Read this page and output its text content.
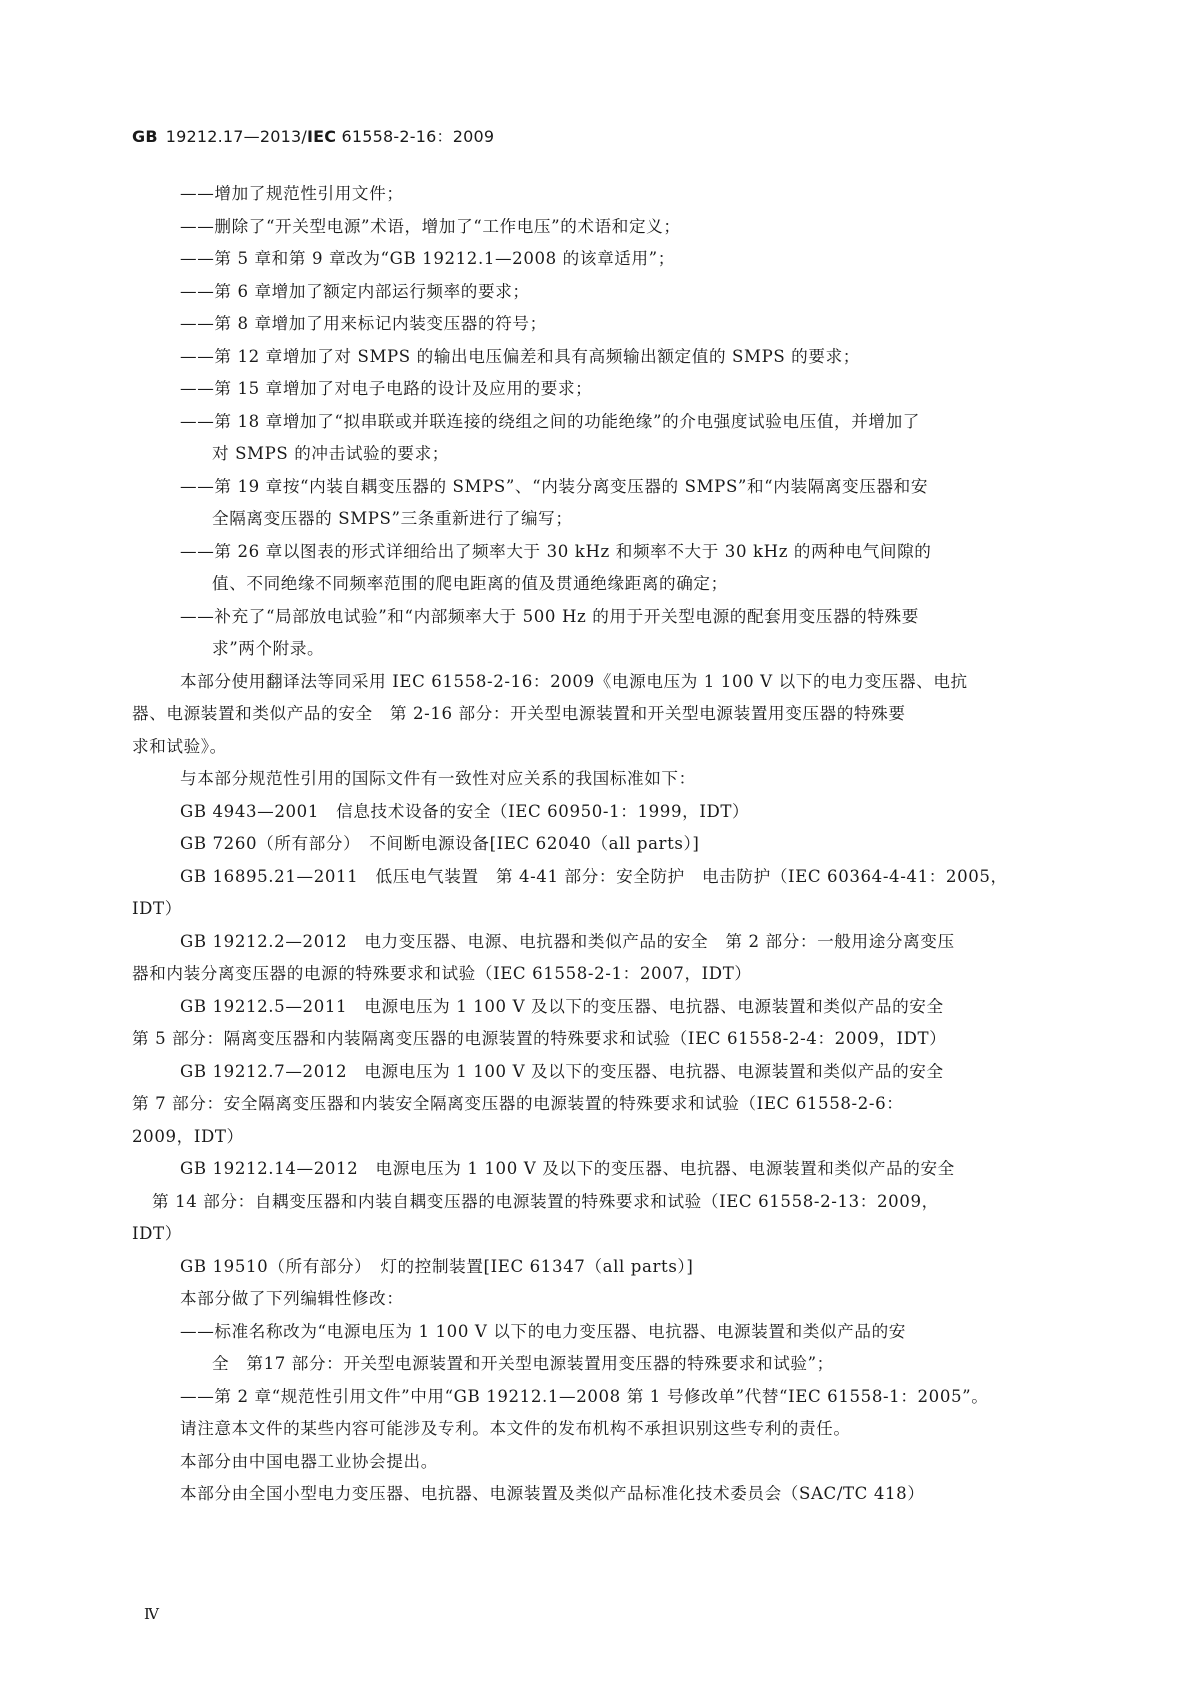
GB 19212.17—2013/IEC 61558-2-16：2009
——增加了规范性引用文件；
——删除了“开关型电源”术语，增加了“工作电压”的术语和定义；
——第 5 章和第 9 章改为“GB 19212.1—2008 的该章适用”；
——第 6 章增加了额定内部运行频率的要求；
——第 8 章增加了用来标记内装变压器的符号；
——第 12 章增加了对 SMPS 的输出电压偏差和具有高频输出额定值的 SMPS 的要求；
——第 15 章增加了对电子电路的设计及应用的要求；
——第 18 章增加了“拟串联或并联连接的绕组之间的功能绝缘”的介电强度试验电压值，并增加了
对 SMPS 的冲击试验的要求；
——第 19 章按“内装自耦变压器的 SMPS”、“内装分离变压器的 SMPS”和“内装隔离变压器和安
全隔离变压器的 SMPS”三条重新进行了编写；
——第 26 章以图表的形式详细给出了频率大于 30 kHz 和频率不大于 30 kHz 的两种电气间隙的
值、不同绝缘不同频率范围的爬电距离的值及贯通绝缘距离的确定；
——补充了“局部放电试验”和“内部频率大于 500 Hz 的用于开关型电源的配套用变压器的特殊要
求”两个附录。
本部分使用翻译法等同采用 IEC 61558-2-16：2009《电源电压为 1 100 V 以下的电力变压器、电抗
器、电源装置和类似产品的安全　第 2-16 部分：开关型电源装置和开关型电源装置用变压器的特殊要
求和试验》。
与本部分规范性引用的国际文件有一致性对应关系的我国标准如下：
GB 4943—2001　信息技术设备的安全（IEC 60950-1：1999，IDT）
GB 7260（所有部分）　不间断电源设备[IEC 62040（all parts）]
GB 16895.21—2011　低压电气装置　第 4-41 部分：安全防护　电击防护（IEC 60364-4-41：2005，
IDT）
GB 19212.2—2012　电力变压器、电源、电抗器和类似产品的安全　第 2 部分：一般用途分离变压
器和内装分离变压器的电源的特殊要求和试验（IEC 61558-2-1：2007，IDT）
GB 19212.5—2011　电源电压为 1 100 V 及以下的变压器、电抗器、电源装置和类似产品的安全
第 5 部分：隔离变压器和内装隔离变压器的电源装置的特殊要求和试验（IEC 61558-2-4：2009，IDT）
GB 19212.7—2012　电源电压为 1 100 V 及以下的变压器、电抗器、电源装置和类似产品的安全
第 7 部分：安全隔离变压器和内装安全隔离变压器的电源装置的特殊要求和试验（IEC 61558-2-6：
2009，IDT）
GB 19212.14—2012　电源电压为 1 100 V 及以下的变压器、电抗器、电源装置和类似产品的安全
第 14 部分：自耦变压器和内装自耦变压器的电源装置的特殊要求和试验（IEC 61558-2-13：2009，
IDT）
GB 19510（所有部分）　灯的控制装置[IEC 61347（all parts）]
本部分做了下列编辑性修改：
——标准名称改为“电源电压为 1 100 V 以下的电力变压器、电抗器、电源装置和类似产品的安
全　第17 部分：开关型电源装置和开关型电源装置用变压器的特殊要求和试验”；
——第 2 章“规范性引用文件”中用“GB 19212.1—2008 第 1 号修改单”代替“IEC 61558-1：2005”。
请注意本文件的某些内容可能涉及专利。本文件的发布机构不承担识别这些专利的责任。
本部分由中国电器工业协会提出。
本部分由全国小型电力变压器、电抗器、电源装置及类似产品标准化技术委员会（SAC/TC 418）
Ⅳ
